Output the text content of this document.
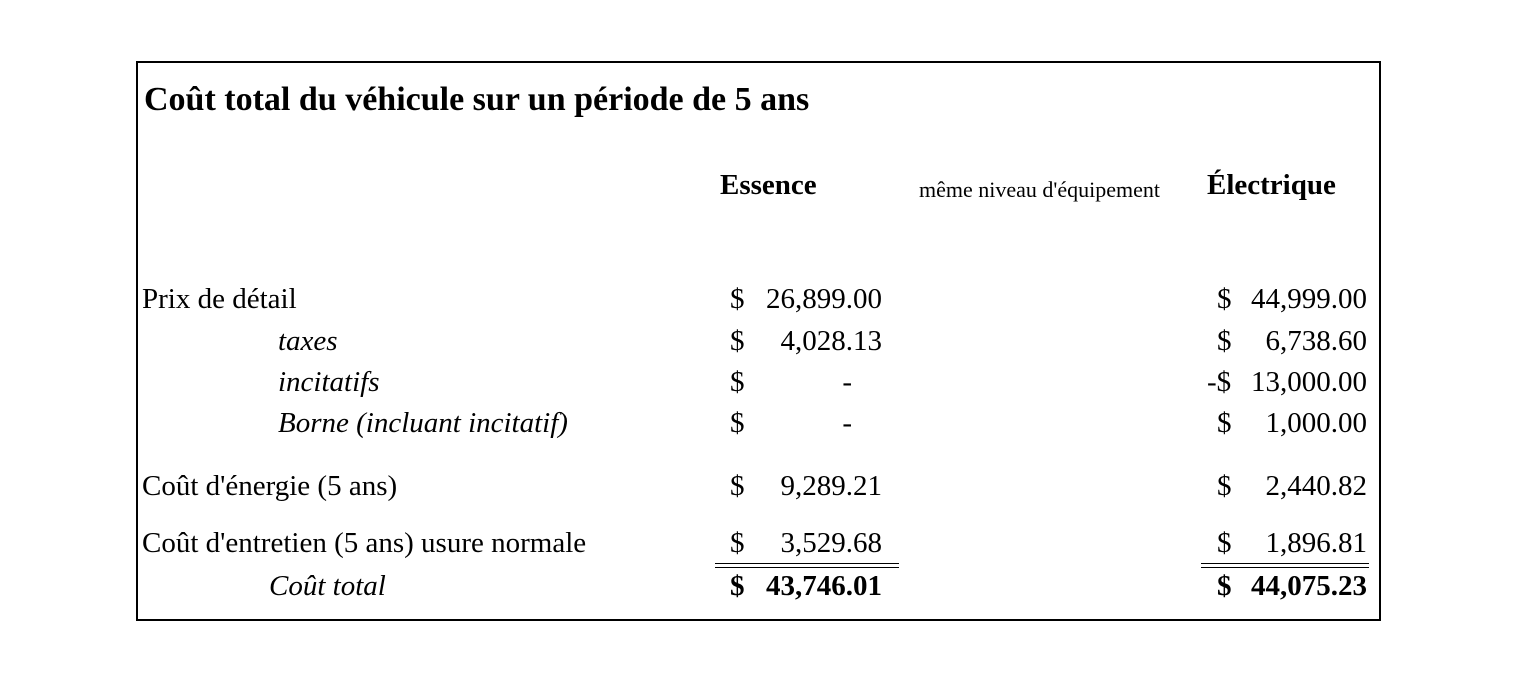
Coût total du véhicule sur un période de 5 ans
Essence	même niveau d'équipement Électrique
Prix de détail	$ 26,899.00	$ 44,999.00
taxes	$ 4,028.13	$ 6,738.60
incitatifs	$	-	-$ 13,000.00
Borne (incluant incitatif)	$	-	$ 1,000.00
Coût d'énergie (5 ans)	$ 9,289.21	$ 2,440.82
Coût d'entretien (5 ans) usure normale	$ 3,529.68	$ 1,896.81
Coût total	$ 43,746.01	$ 44,075.23
